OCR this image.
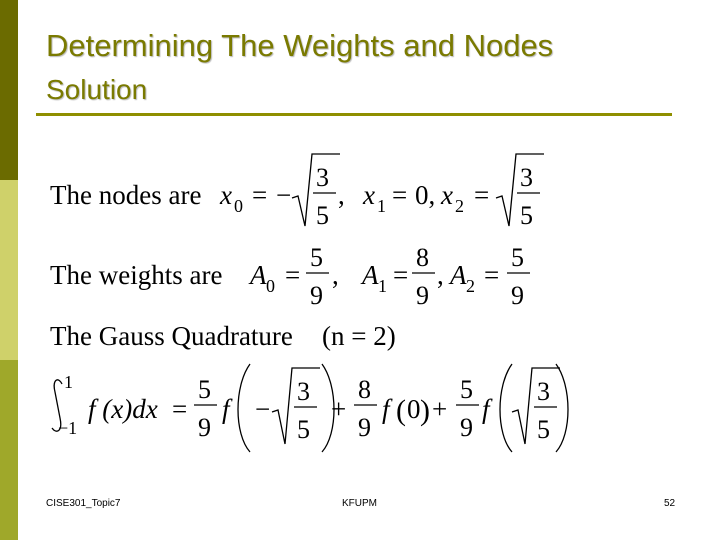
Determining The Weights and Nodes
Solution
The nodes are x 0 = −
3
5
, x 1 = 0, x 2 =
3
5
The weights are A 0 =
5
9
, A 1 =
8
9
, A 2 =
5
9
The Gauss Quadrature (n = 2)
1
−1
f (x)dx =
5
9
f −
3
5
+
8
9
f ( 0 ) +
5
9
f
3
5
CISE301_Topic7	KFUPM	52
